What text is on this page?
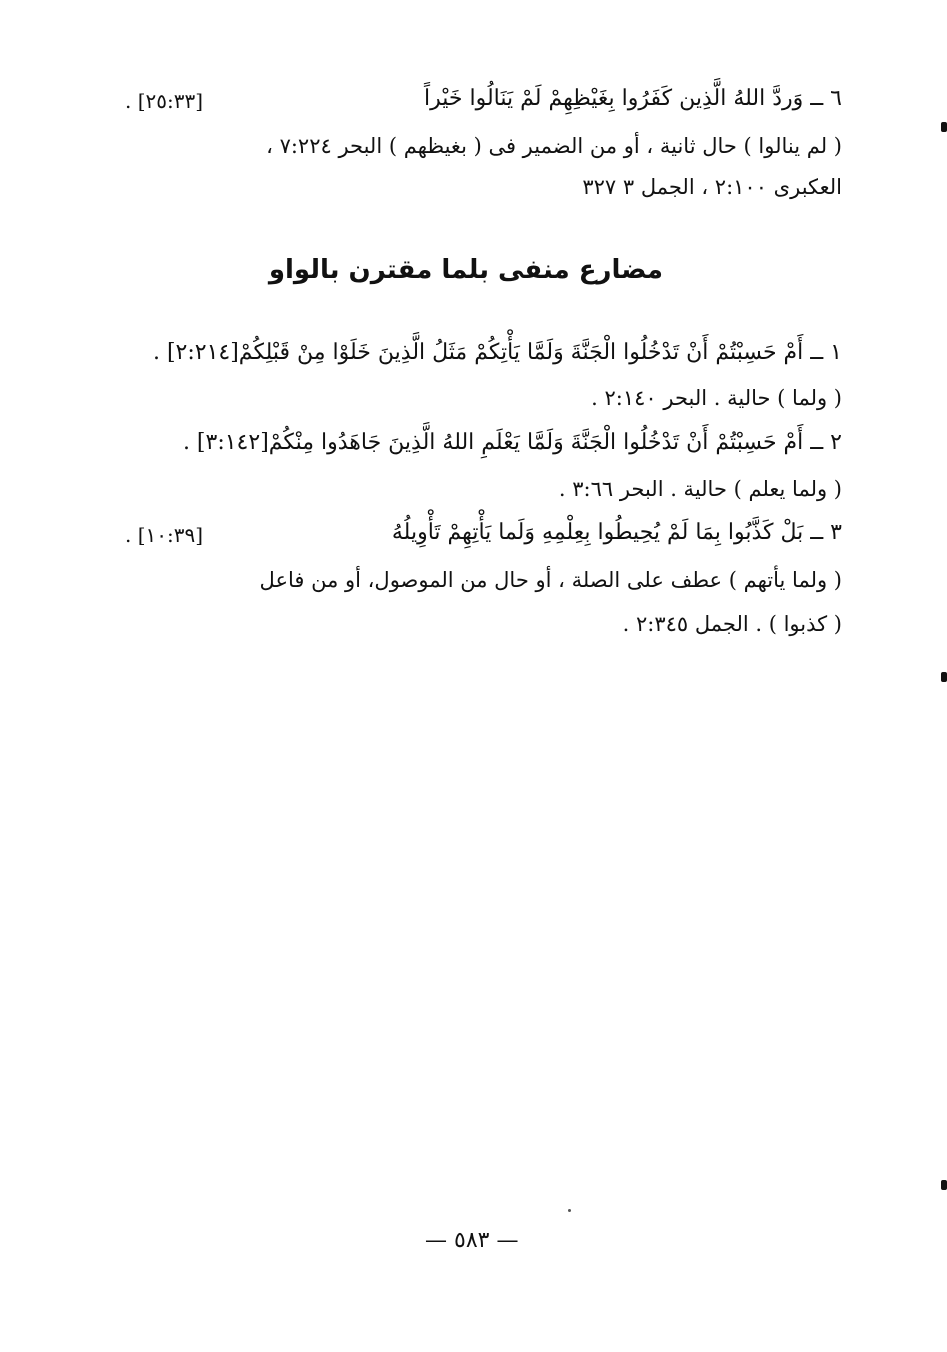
٦ ــ وَردَّ اللهُ الَّذِين كَفَرُوا بِغَيْظِهِمْ لَمْ يَنَالُوا خَيْراً
[٢٥:٣٣] .
( لم ينالوا ) حال ثانية ، أو من الضمير فى ( بغيظهم ) البحر ٧:٢٢٤ ،
العكبرى ٢:١٠٠ ، الجمل ٣ ٣٢٧
مضارع منفى بلما مقترن بالواو
١ ــ أَمْ حَسِبْتُمْ أَنْ تَدْخُلُوا الْجَنَّةَ وَلَمَّا يَأْتِكُمْ مَثَلُ الَّذِينَ خَلَوْا مِنْ قَبْلِكُمْ[٢:٢١٤] .
( ولما ) حالية . البحر ٢:١٤٠ .
٢ ــ أَمْ حَسِبْتُمْ أَنْ تَدْخُلُوا الْجَنَّةَ وَلَمَّا يَعْلَمِ اللهُ الَّذِينَ جَاهَدُوا مِنْكُمْ[٣:١٤٢] .
( ولما يعلم ) حالية . البحر ٣:٦٦ .
٣ ــ بَلْ كَذَّبُوا بِمَا لَمْ يُحِيطُوا بِعِلْمِهِ وَلَما يَأْتِهِمْ تَأْوِيلُهُ
[١٠:٣٩] .
( ولما يأتهم ) عطف على الصلة ، أو حال من الموصول، أو من فاعل
( كذبوا ) . الجمل ٢:٣٤٥ .
— ٥٨٣ —
